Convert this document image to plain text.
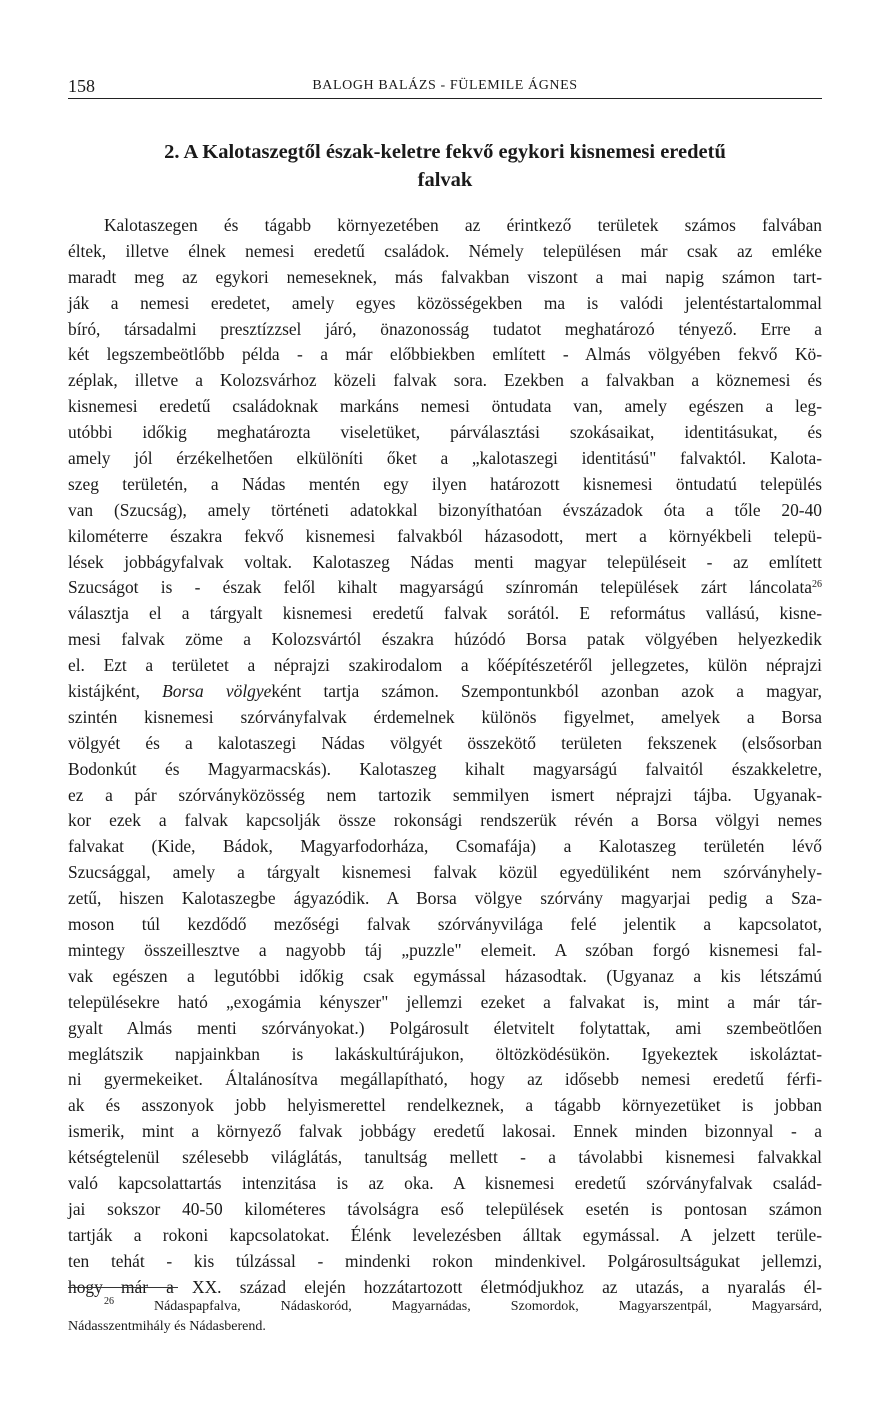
158	BALOGH BALÁZS - FÜLEMILE ÁGNES
2. A Kalotaszegtől észak-keletre fekvő egykori kisnemesi eredetű
falvak
Kalotaszegen és tágabb környezetében az érintkező területek számos falvában
éltek, illetve élnek nemesi eredetű családok. Némely településen már csak az emléke
maradt meg az egykori nemeseknek, más falvakban viszont a mai napig számon tart-
ják a nemesi eredetet, amely egyes közösségekben ma is valódi jelentéstartalommal
bíró, társadalmi presztízzsel járó, önazonosság tudatot meghatározó tényező. Erre a
két legszembeötlőbb példa - a már előbbiekben említett - Almás völgyében fekvő Kö-
zéplak, illetve a Kolozsvárhoz közeli falvak sora. Ezekben a falvakban a köznemesi és
kisnemesi eredetű családoknak markáns nemesi öntudata van, amely egészen a leg-
utóbbi időkig meghatározta viseletüket, párválasztási szokásaikat, identitásukat, és
amely jól érzékelhetően elkülöníti őket a „kalotaszegi identitású" falvaktól. Kalota-
szeg területén, a Nádas mentén egy ilyen határozott kisnemesi öntudatú település
van (Szucság), amely történeti adatokkal bizonyíthatóan évszázadok óta a tőle 20-40
kilométerre északra fekvő kisnemesi falvakból házasodott, mert a környékbeli telepü-
lések jobbágyfalvak voltak. Kalotaszeg Nádas menti magyar településeit - az említett
Szucságot is - észak felől kihalt magyarságú színromán települések zárt láncolata$^{26}$
választja el a tárgyalt kisnemesi eredetű falvak sorától. E református vallású, kisne-
mesi falvak zöme a Kolozsvártól északra húzódó Borsa patak völgyében helyezkedik
el. Ezt a területet a néprajzi szakirodalom a kőépítészetéről jellegzetes, külön néprajzi
kistájként, Borsa völgyeként tartja számon. Szempontunkból azonban azok a magyar,
szintén kisnemesi szórványfalvak érdemelnek különös figyelmet, amelyek a Borsa
völgyét és a kalotaszegi Nádas völgyét összekötő területen fekszenek (elsősorban
Bodonkút és Magyarmacskás). Kalotaszeg kihalt magyarságú falvaitól északkeletre,
ez a pár szórványközösség nem tartozik semmilyen ismert néprajzi tájba. Ugyanak-
kor ezek a falvak kapcsolják össze rokonsági rendszerük révén a Borsa völgyi nemes
falvakat (Kide, Bádok, Magyarfodorháza, Csomafája) a Kalotaszeg területén lévő
Szucsággal, amely a tárgyalt kisnemesi falvak közül egyedüliként nem szórványhely-
zetű, hiszen Kalotaszegbe ágyazódik. A Borsa völgye szórvány magyarjai pedig a Sza-
moson túl kezdődő mezőségi falvak szórványvilága felé jelentik a kapcsolatot,
mintegy összeillesztve a nagyobb táj „puzzle" elemeit. A szóban forgó kisnemesi fal-
vak egészen a legutóbbi időkig csak egymással házasodtak. (Ugyanaz a kis létszámú
településekre ható „exogámia kényszer" jellemzi ezeket a falvakat is, mint a már tár-
gyalt Almás menti szórványokat.) Polgárosult életvitelt folytattak, ami szembeötlően
meglátszik napjainkban is lakáskultúrájukon, öltözködésükön. Igyekeztek iskoláztat-
ni gyermekeiket. Általánosítva megállapítható, hogy az idősebb nemesi eredetű férfi-
ak és asszonyok jobb helyismerettel rendelkeznek, a tágabb környezetüket is jobban
ismerik, mint a környező falvak jobbágy eredetű lakosai. Ennek minden bizonnyal - a
kétségtelenül szélesebb világlátás, tanultság mellett - a távolabbi kisnemesi falvakkal
való kapcsolattartás intenzitása is az oka. A kisnemesi eredetű szórványfalvak család-
jai sokszor 40-50 kilométeres távolságra eső települések esetén is pontosan számon
tartják a rokoni kapcsolatokat. Élénk levelezésben álltak egymással. A jelzett terüle-
ten tehát - kis túlzással - mindenki rokon mindenkivel. Polgárosultságukat jellemzi,
hogy már a XX. század elején hozzátartozott életmódjukhoz az utazás, a nyaralás él-
$^{26}$ Nádaspapfalva, Nádaskoród, Magyarnádas, Szomordok, Magyarszentpál, Magyarsárd,
Nádasszentmihály és Nádasberend.
